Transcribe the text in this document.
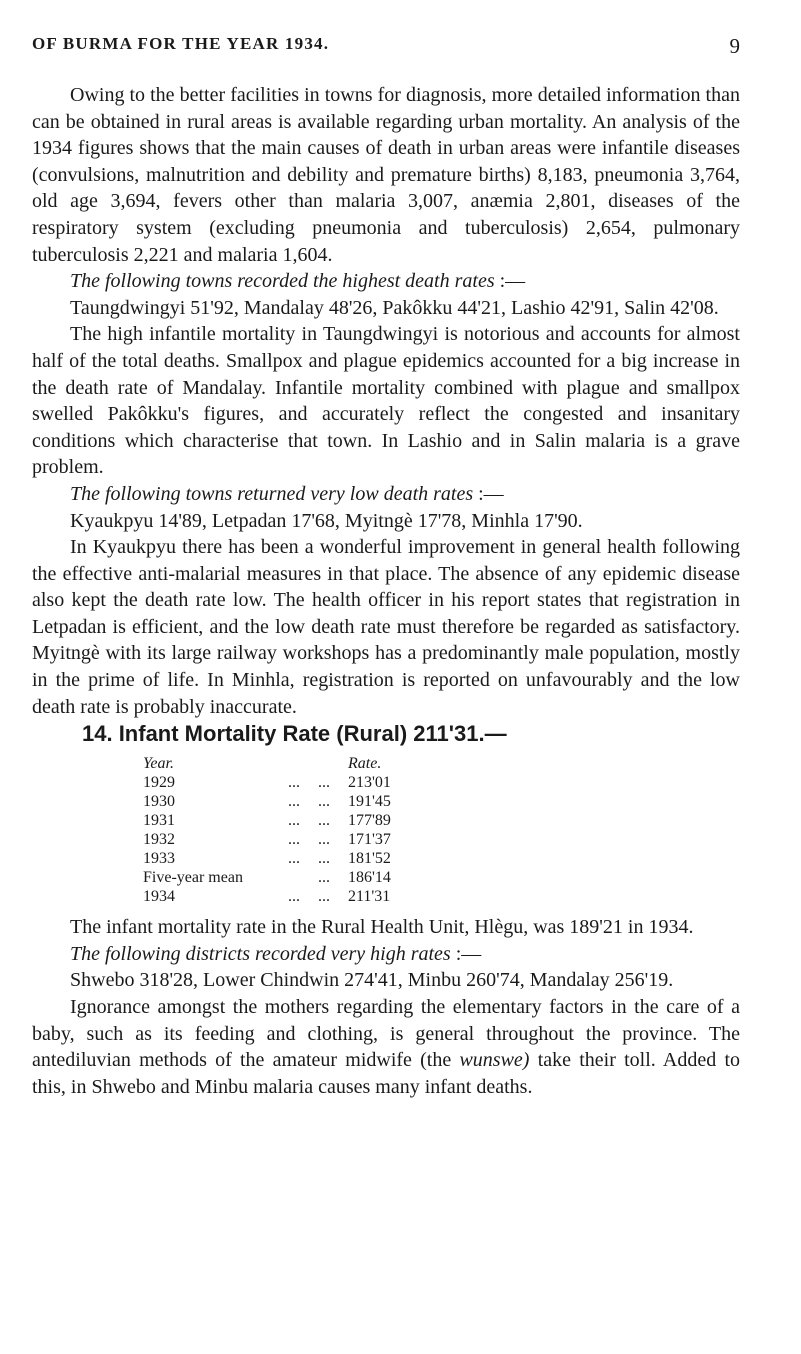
OF BURMA FOR THE YEAR 1934.	9

Owing to the better facilities in towns for diagnosis, more detailed information than can be obtained in rural areas is available regarding urban mortality. An analysis of the 1934 figures shows that the main causes of death in urban areas were infantile diseases (convulsions, malnutrition and debility and premature births) 8,183, pneumonia 3,764, old age 3,694, fevers other than malaria 3,007, anæmia 2,801, diseases of the respiratory system (excluding pneumonia and tuberculosis) 2,654, pulmonary tuberculosis 2,221 and malaria 1,604.

The following towns recorded the highest death rates :—

Taungdwingyi 51'92, Mandalay 48'26, Pakôkku 44'21, Lashio 42'91, Salin 42'08.

The high infantile mortality in Taungdwingyi is notorious and accounts for almost half of the total deaths. Smallpox and plague epidemics accounted for a big increase in the death rate of Mandalay. Infantile mortality combined with plague and smallpox swelled Pakôkku's figures, and accurately reflect the congested and insanitary conditions which characterise that town. In Lashio and in Salin malaria is a grave problem.

The following towns returned very low death rates :—

Kyaukpyu 14'89, Letpadan 17'68, Myitngè 17'78, Minhla 17'90.

In Kyaukpyu there has been a wonderful improvement in general health following the effective anti-malarial measures in that place. The absence of any epidemic disease also kept the death rate low. The health officer in his report states that registration in Letpadan is efficient, and the low death rate must therefore be regarded as satisfactory. Myitngè with its large railway workshops has a predominantly male population, mostly in the prime of life. In Minhla, registration is reported on unfavourably and the low death rate is probably inaccurate.

14. Infant Mortality Rate (Rural) 211'31.—

Year.		Rate.	
1929	...	...	213'01
1930	...	...	191'45
1931	...	...	177'89
1932	...	...	171'37
1933	...	...	181'52
Five-year mean		...	186'14
1934	...	...	211'31

The infant mortality rate in the Rural Health Unit, Hlègu, was 189'21 in 1934.

The following districts recorded very high rates :—

Shwebo 318'28, Lower Chindwin 274'41, Minbu 260'74, Mandalay 256'19.

Ignorance amongst the mothers regarding the elementary factors in the care of a baby, such as its feeding and clothing, is general throughout the province. The antediluvian methods of the amateur midwife (the wunswe) take their toll. Added to this, in Shwebo and Minbu malaria causes many infant deaths.
